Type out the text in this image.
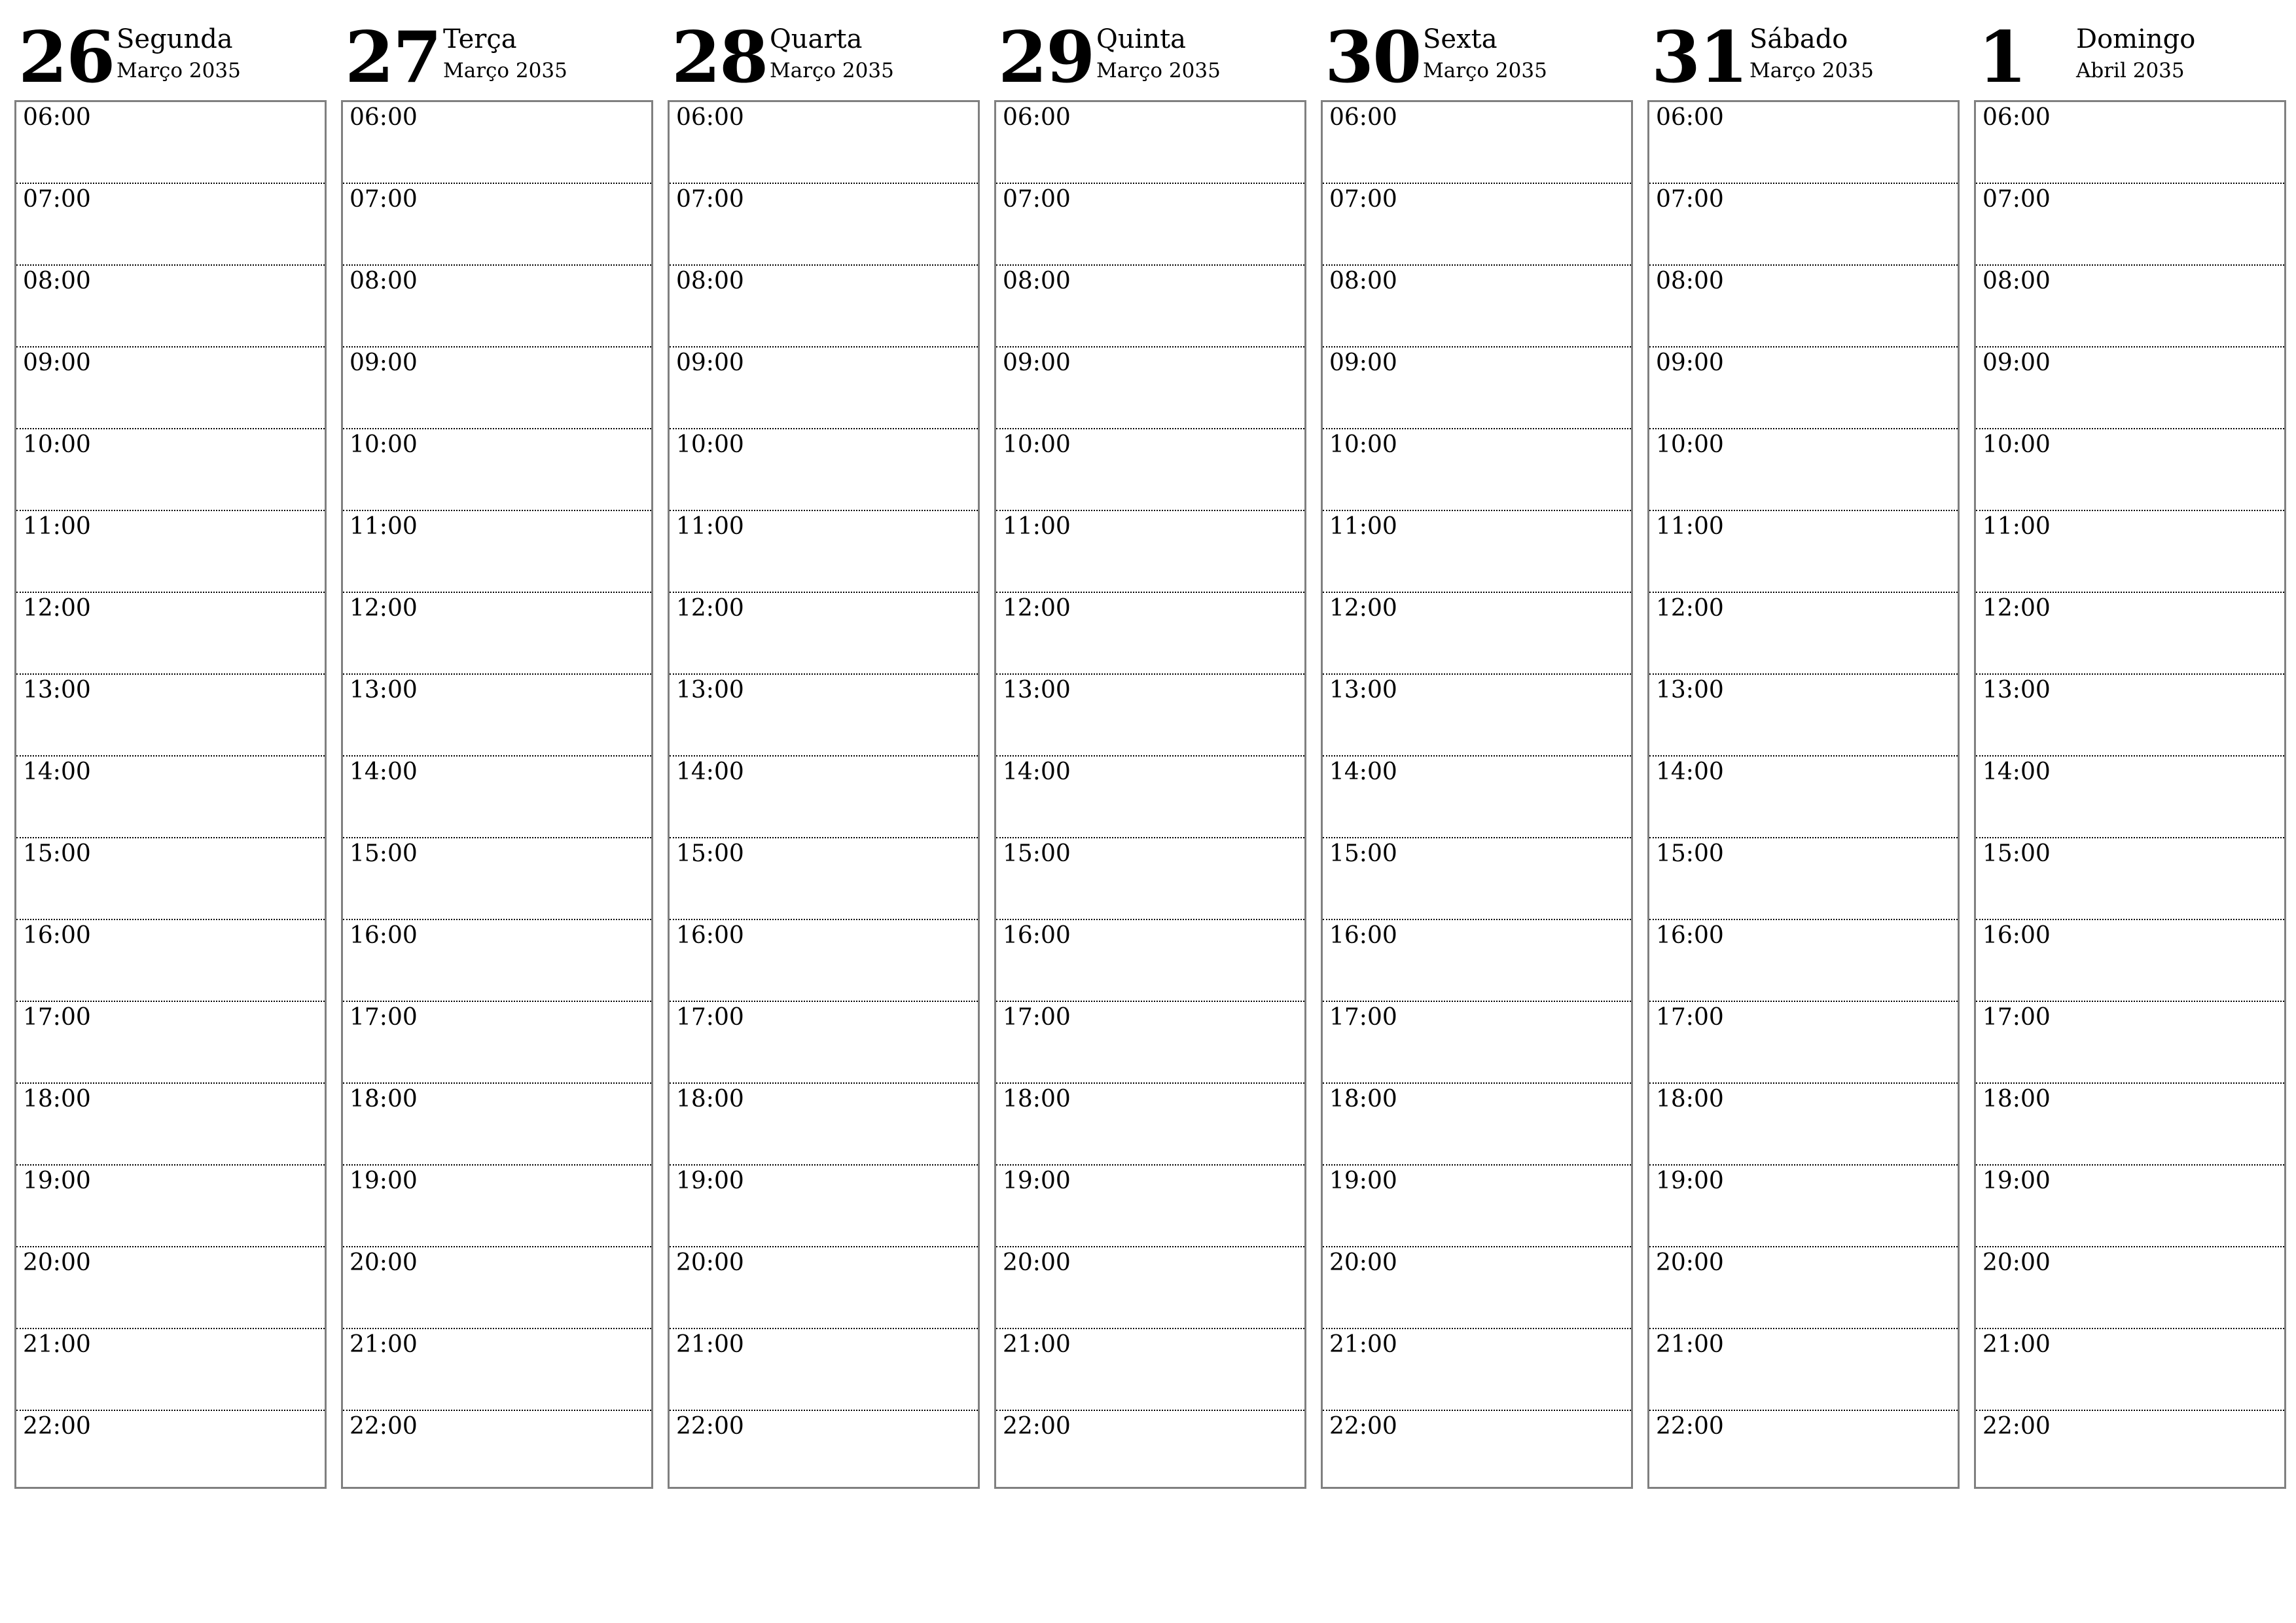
26 Segunda
Março 2035
06:00
07:00
08:00
09:00
10:00
11:00
12:00
13:00
14:00
15:00
16:00
17:00
18:00
19:00
20:00
21:00
22:00
27 Terça
Março 2035
06:00
07:00
08:00
09:00
10:00
11:00
12:00
13:00
14:00
15:00
16:00
17:00
18:00
19:00
20:00
21:00
22:00
28 Quarta
Março 2035
06:00
07:00
08:00
09:00
10:00
11:00
12:00
13:00
14:00
15:00
16:00
17:00
18:00
19:00
20:00
21:00
22:00
29 Quinta
Março 2035
06:00
07:00
08:00
09:00
10:00
11:00
12:00
13:00
14:00
15:00
16:00
17:00
18:00
19:00
20:00
21:00
22:00
30 Sexta
Março 2035
06:00
07:00
08:00
09:00
10:00
11:00
12:00
13:00
14:00
15:00
16:00
17:00
18:00
19:00
20:00
21:00
22:00
31 Sábado
Março 2035
06:00
07:00
08:00
09:00
10:00
11:00
12:00
13:00
14:00
15:00
16:00
17:00
18:00
19:00
20:00
21:00
22:00
1	Domingo
Abril 2035
06:00
07:00
08:00
09:00
10:00
11:00
12:00
13:00
14:00
15:00
16:00
17:00
18:00
19:00
20:00
21:00
22:00
